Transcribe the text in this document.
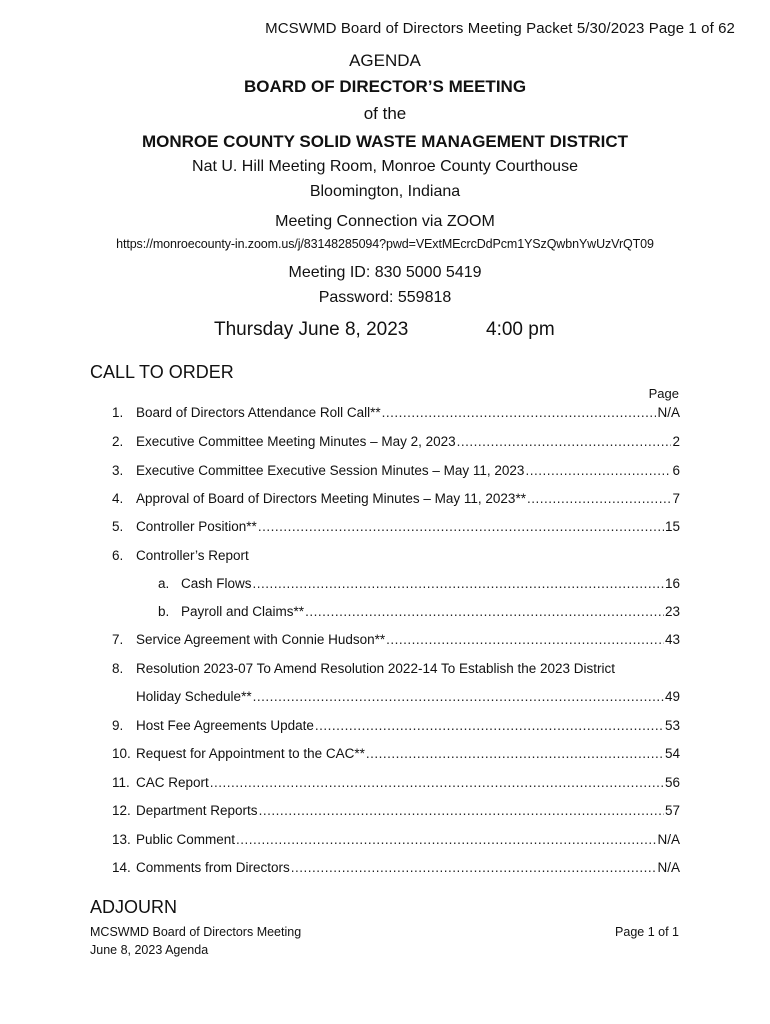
MCSWMD Board of Directors Meeting Packet 5/30/2023 Page 1 of 62
AGENDA
BOARD OF DIRECTOR’S MEETING
of the
MONROE COUNTY SOLID WASTE MANAGEMENT DISTRICT
Nat U. Hill Meeting Room, Monroe County Courthouse
Bloomington, Indiana
Meeting Connection via ZOOM
https://monroecounty-in.zoom.us/j/83148285094?pwd=VExtMEcrcDdPcm1YSzQwbnYwUzVrQT09
Meeting ID: 830 5000 5419
Password: 559818
Thursday June 8, 2023	4:00 pm
CALL TO ORDER
Page
1. Board of Directors Attendance Roll Call** .....	N/A
2. Executive Committee Meeting Minutes – May 2, 2023 .....	2
3. Executive Committee Executive Session Minutes – May 11, 2023 .....	6
4. Approval of Board of Directors Meeting Minutes – May 11, 2023** .....	7
5. Controller Position** .....	15
6. Controller’s Report
a. Cash Flows .....	16
b. Payroll and Claims** .....	23
7. Service Agreement with Connie Hudson** .....	43
8. Resolution 2023-07 To Amend Resolution 2022-14 To Establish the 2023 District
Holiday Schedule** .....	49
9. Host Fee Agreements Update .....	53
10. Request for Appointment to the CAC** .....	54
11. CAC Report .....	56
12. Department Reports .....	57
13. Public Comment .....	N/A
14. Comments from Directors .....	N/A
ADJOURN
MCSWMD Board of Directors Meeting
June 8, 2023 Agenda
Page 1 of 1
